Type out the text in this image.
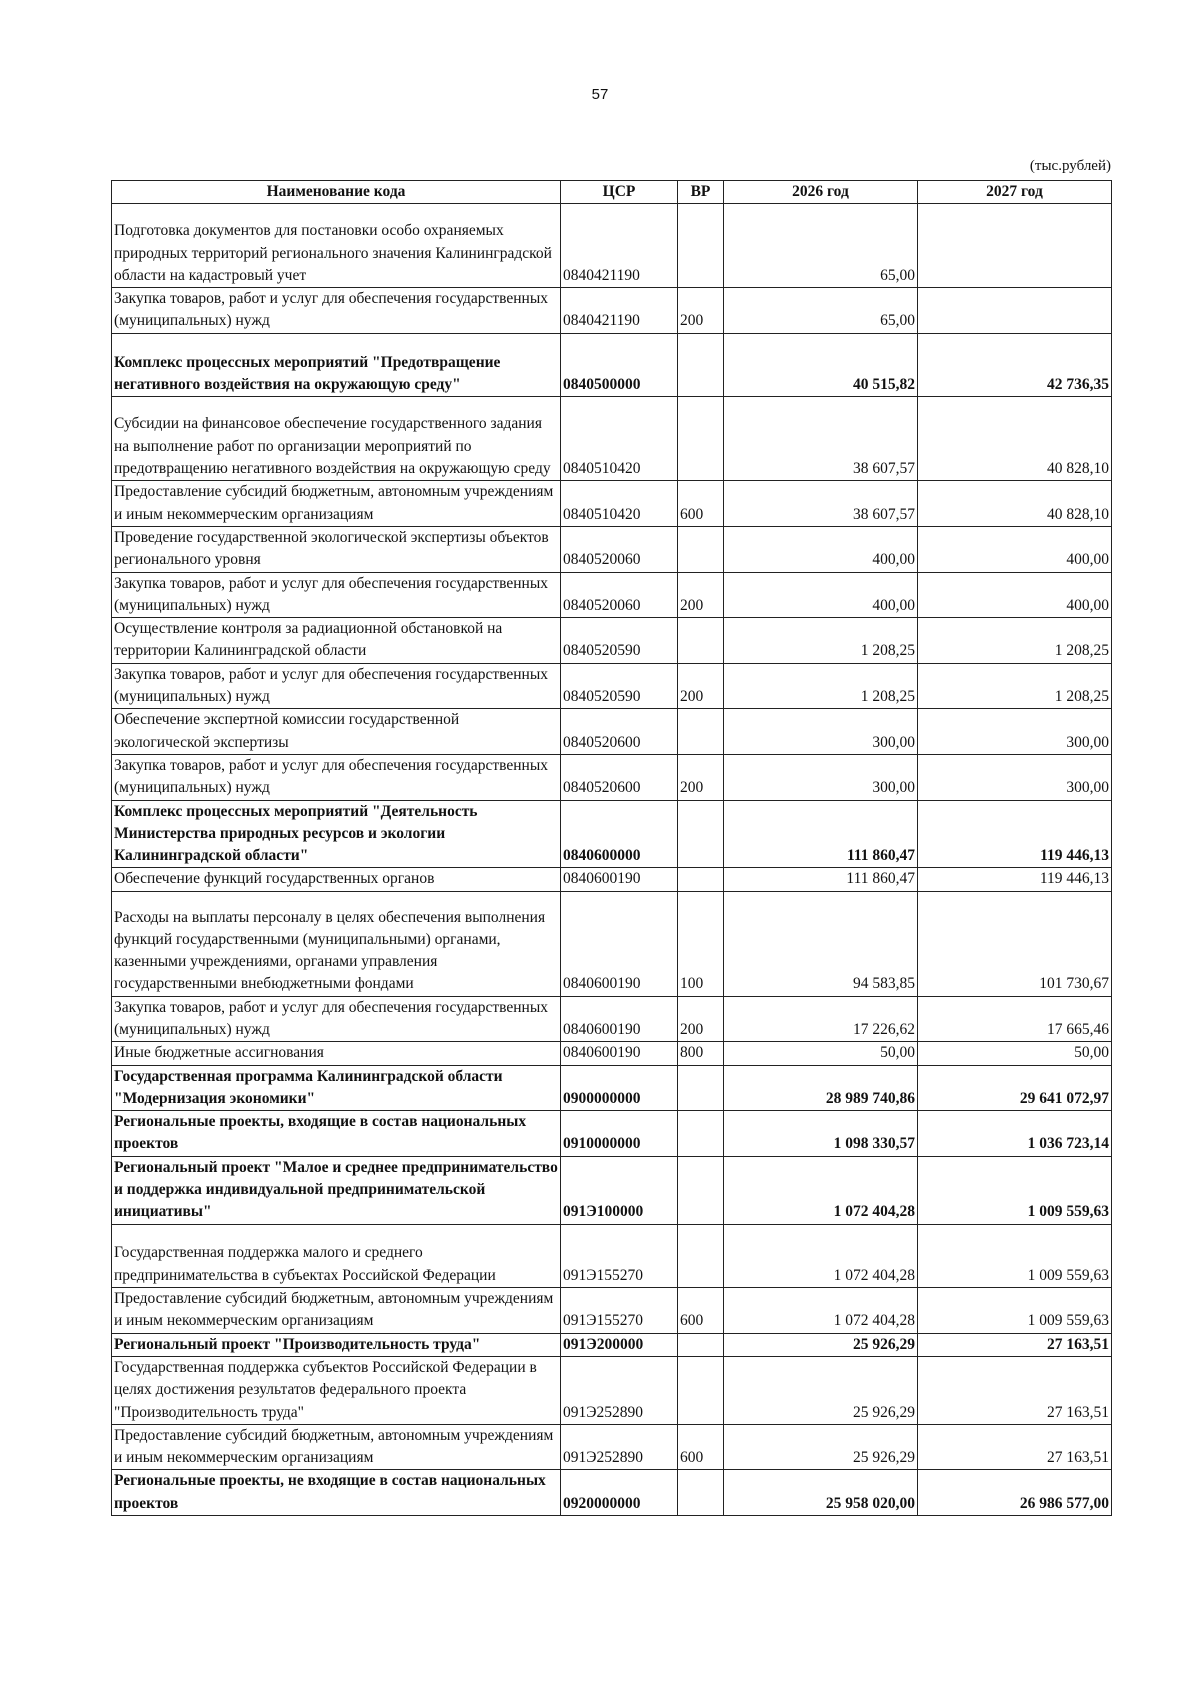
57
(тыс.рублей)
Наименование кода	ЦСР	ВР	2026 год	2027 год
Подготовка документов для постановки особо охраняемых природных территорий регионального значения Калининградской области на кадастровый учет	0840421190		65,00	
Закупка товаров, работ и услуг для обеспечения государственных (муниципальных) нужд	0840421190	200	65,00	
Комплекс процессных мероприятий "Предотвращение негативного воздействия на окружающую среду"	0840500000		40 515,82	42 736,35
Субсидии на финансовое обеспечение государственного задания на выполнение работ по организации мероприятий по предотвращению негативного воздействия на окружающую среду	0840510420		38 607,57	40 828,10
Предоставление субсидий бюджетным, автономным учреждениям и иным некоммерческим организациям	0840510420	600	38 607,57	40 828,10
Проведение государственной экологической экспертизы объектов регионального уровня	0840520060		400,00	400,00
Закупка товаров, работ и услуг для обеспечения государственных (муниципальных) нужд	0840520060	200	400,00	400,00
Осуществление контроля за радиационной обстановкой на территории Калининградской области	0840520590		1 208,25	1 208,25
Закупка товаров, работ и услуг для обеспечения государственных (муниципальных) нужд	0840520590	200	1 208,25	1 208,25
Обеспечение экспертной комиссии государственной экологической экспертизы	0840520600		300,00	300,00
Закупка товаров, работ и услуг для обеспечения государственных (муниципальных) нужд	0840520600	200	300,00	300,00
Комплекс процессных мероприятий "Деятельность Министерства природных ресурсов и экологии Калининградской области"	0840600000		111 860,47	119 446,13
Обеспечение функций государственных органов	0840600190		111 860,47	119 446,13
Расходы на выплаты персоналу в целях обеспечения выполнения функций государственными (муниципальными) органами, казенными учреждениями, органами управления государственными внебюджетными фондами	0840600190	100	94 583,85	101 730,67
Закупка товаров, работ и услуг для обеспечения государственных (муниципальных) нужд	0840600190	200	17 226,62	17 665,46
Иные бюджетные ассигнования	0840600190	800	50,00	50,00
Государственная программа Калининградской области "Модернизация экономики"	0900000000		28 989 740,86	29 641 072,97
Региональные проекты, входящие в состав национальных проектов	0910000000		1 098 330,57	1 036 723,14
Региональный проект "Малое и среднее предпринимательство и поддержка индивидуальной предпринимательской инициативы"	091Э100000		1 072 404,28	1 009 559,63
Государственная поддержка малого и среднего предпринимательства в субъектах Российской Федерации	091Э155270		1 072 404,28	1 009 559,63
Предоставление субсидий бюджетным, автономным учреждениям и иным некоммерческим организациям	091Э155270	600	1 072 404,28	1 009 559,63
Региональный проект "Производительность труда"	091Э200000		25 926,29	27 163,51
Государственная поддержка субъектов Российской Федерации в целях достижения результатов федерального проекта "Производительность труда"	091Э252890		25 926,29	27 163,51
Предоставление субсидий бюджетным, автономным учреждениям и иным некоммерческим организациям	091Э252890	600	25 926,29	27 163,51
Региональные проекты, не входящие в состав национальных проектов	0920000000		25 958 020,00	26 986 577,00
